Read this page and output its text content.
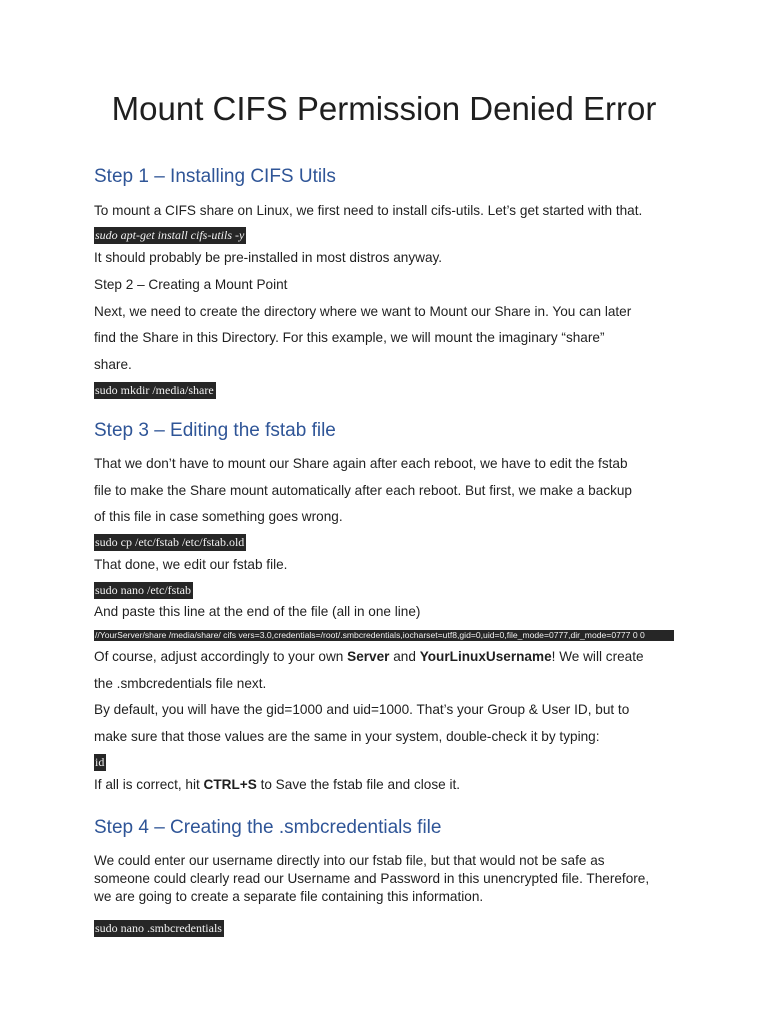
Mount CIFS Permission Denied Error
Step 1 – Installing CIFS Utils
To mount a CIFS share on Linux, we first need to install cifs-utils. Let’s get started with that.
sudo apt-get install cifs-utils -y
It should probably be pre-installed in most distros anyway.
Step 2 – Creating a Mount Point
Next, we need to create the directory where we want to Mount our Share in. You can later
find the Share in this Directory. For this example, we will mount the imaginary “share”
share.
sudo mkdir /media/share
Step 3 – Editing the fstab file
That we don’t have to mount our Share again after each reboot, we have to edit the fstab
file to make the Share mount automatically after each reboot. But first, we make a backup
of this file in case something goes wrong.
sudo cp /etc/fstab /etc/fstab.old
That done, we edit our fstab file.
sudo nano /etc/fstab
And paste this line at the end of the file (all in one line)
//YourServer/share /media/share/ cifs vers=3.0,credentials=/root/.smbcredentials,iocharset=utf8,gid=0,uid=0,file_mode=0777,dir_mode=0777 0 0
Of course, adjust accordingly to your own Server and YourLinuxUsername! We will create
the .smbcredentials file next.
By default, you will have the gid=1000 and uid=1000. That’s your Group & User ID, but to
make sure that those values are the same in your system, double-check it by typing:
id
If all is correct, hit CTRL+S to Save the fstab file and close it.
Step 4 – Creating the .smbcredentials file
We could enter our username directly into our fstab file, but that would not be safe as
someone could clearly read our Username and Password in this unencrypted file. Therefore,
we are going to create a separate file containing this information.
sudo nano .smbcredentials
